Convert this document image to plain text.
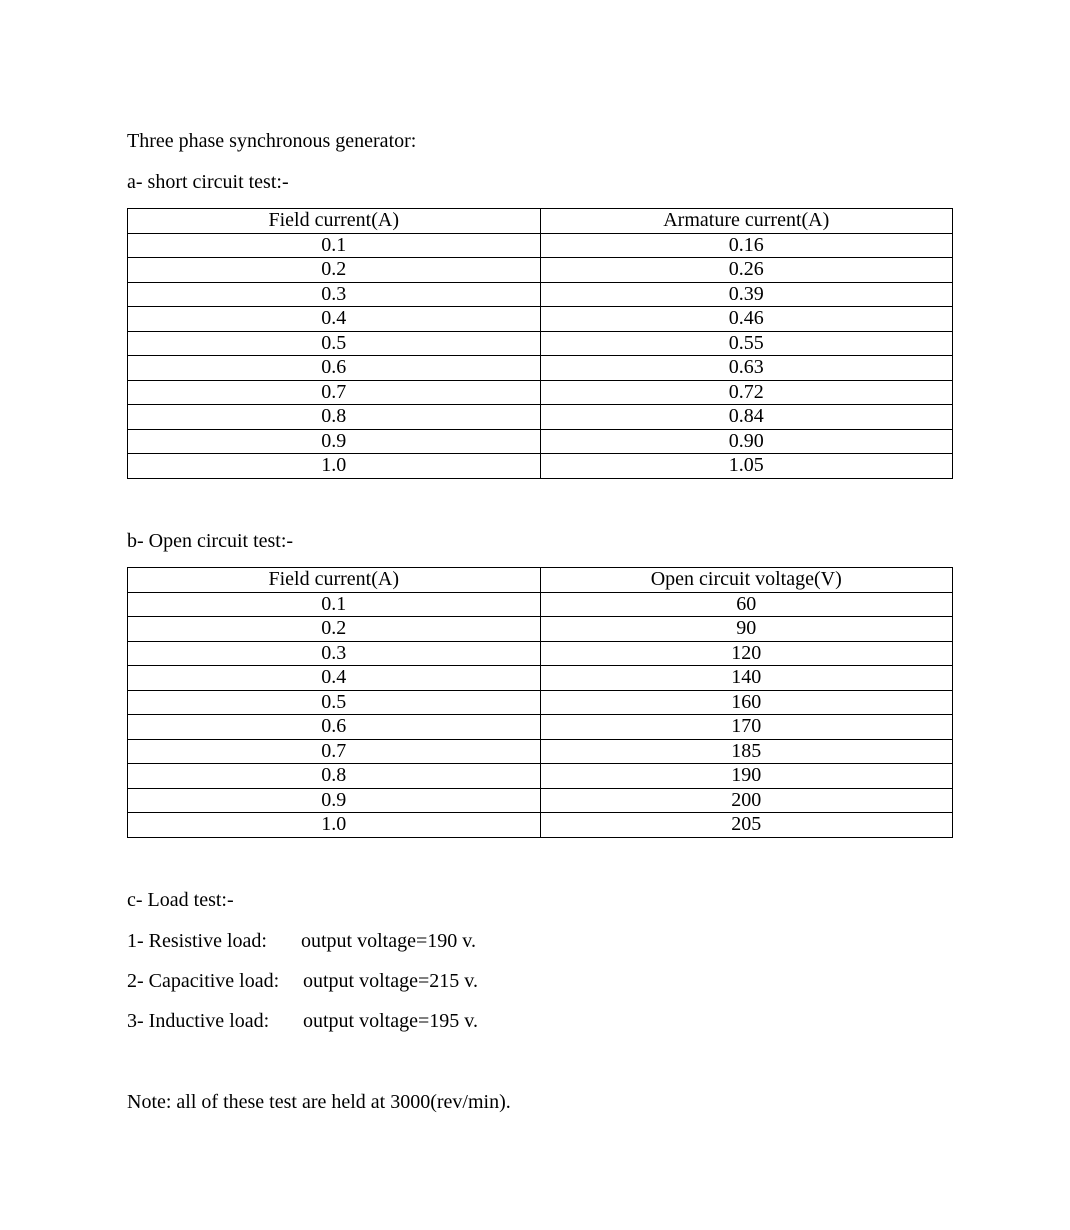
Three phase synchronous generator:

a- short circuit test:-

Field current(A)	Armature current(A)
0.1	0.16
0.2	0.26
0.3	0.39
0.4	0.46
0.5	0.55
0.6	0.63
0.7	0.72
0.8	0.84
0.9	0.90
1.0	1.05

b- Open circuit test:-

Field current(A)	Open circuit voltage(V)
0.1	60
0.2	90
0.3	120
0.4	140
0.5	160
0.6	170
0.7	185
0.8	190
0.9	200
1.0	205

c- Load test:-

1- Resistive load: output voltage=190 v.

2- Capacitive load: output voltage=215 v.

3- Inductive load: output voltage=195 v.

Note: all of these test are held at 3000(rev/min).
